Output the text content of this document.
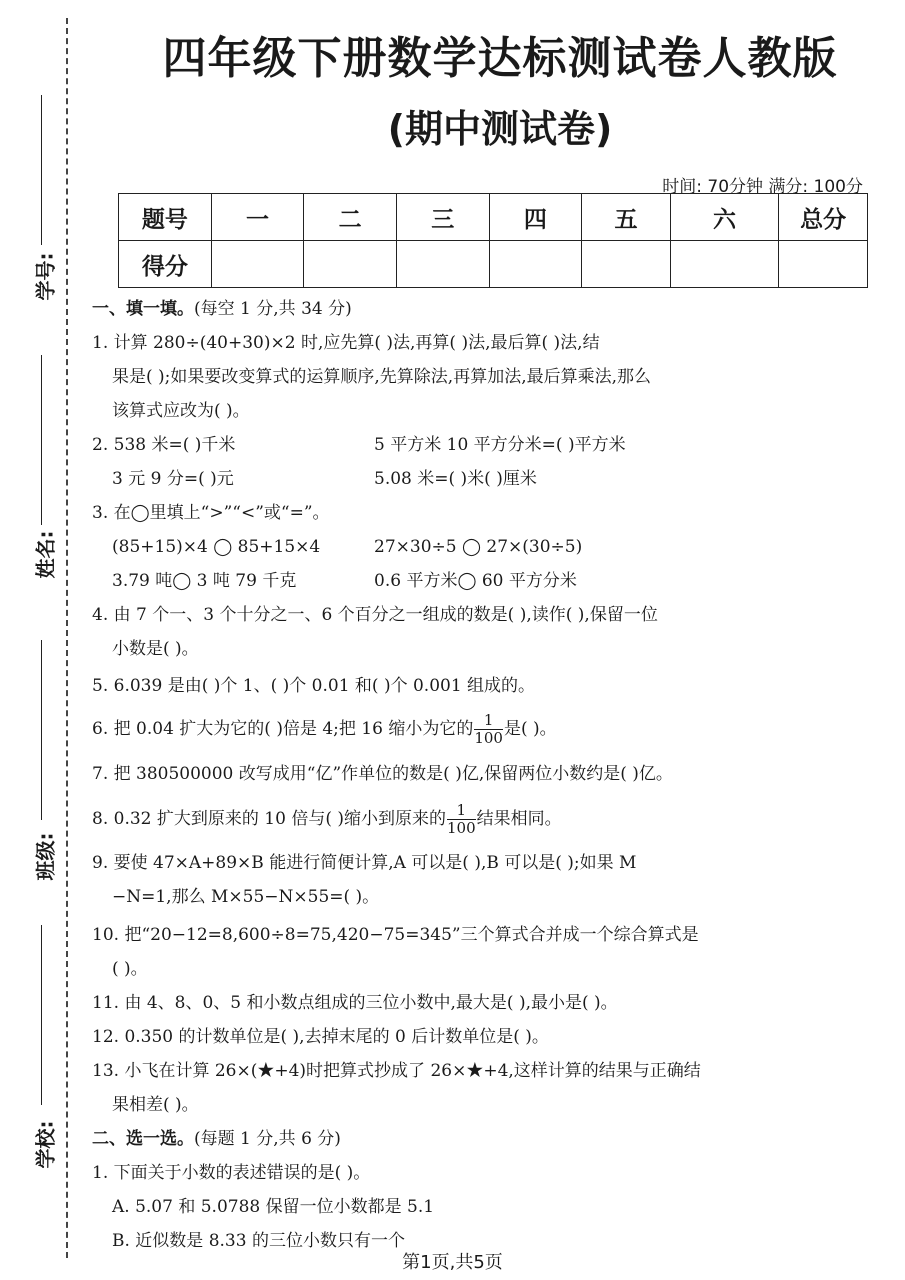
学号:
姓名:
班级:
学校:
四年级下册数学达标测试卷人教版
(期中测试卷)
时间: 70分钟 满分: 100分
题号	一	二	三	四	五	六	总分
得分							
一、填一填。(每空 1 分,共 34 分)
1. 计算 280÷(40+30)×2 时,应先算( )法,再算( )法,最后算( )法,结
果是( );如果要改变算式的运算顺序,先算除法,再算加法,最后算乘法,那么
该算式应改为( )。
2. 538 米=( )千米	5 平方米 10 平方分米=( )平方米
3 元 9 分=( )元	5.08 米=( )米( )厘米
3. 在◯里填上“>”“<”或“=”。
(85+15)×4 ◯ 85+15×4	27×30÷5 ◯ 27×(30÷5)
3.79 吨◯ 3 吨 79 千克	0.6 平方米◯ 60 平方分米
4. 由 7 个一、3 个十分之一、6 个百分之一组成的数是( ),读作( ),保留一位
小数是( )。
5. 6.039 是由( )个 1、( )个 0.01 和( )个 0.001 组成的。
6. 把 0.04 扩大为它的( )倍是 4;把 16 缩小为它的 $\frac{1}{100}$ 是( )。
7. 把 380500000 改写成用“亿”作单位的数是( )亿,保留两位小数约是( )亿。
8. 0.32 扩大到原来的 10 倍与( )缩小到原来的 $\frac{1}{100}$ 结果相同。
9. 要使 47×A+89×B 能进行简便计算,A 可以是( ),B 可以是( );如果 M
−N=1,那么 M×55−N×55=( )。
10. 把“20−12=8,600÷8=75,420−75=345”三个算式合并成一个综合算式是
( )。
11. 由 4、8、0、5 和小数点组成的三位小数中,最大是( ),最小是( )。
12. 0.350 的计数单位是( ),去掉末尾的 0 后计数单位是( )。
13. 小飞在计算 26×(★+4)时把算式抄成了 26×★+4,这样计算的结果与正确结
果相差( )。
二、选一选。(每题 1 分,共 6 分)
1. 下面关于小数的表述错误的是( )。
A. 5.07 和 5.0788 保留一位小数都是 5.1
B. 近似数是 8.33 的三位小数只有一个
第1页,共5页
